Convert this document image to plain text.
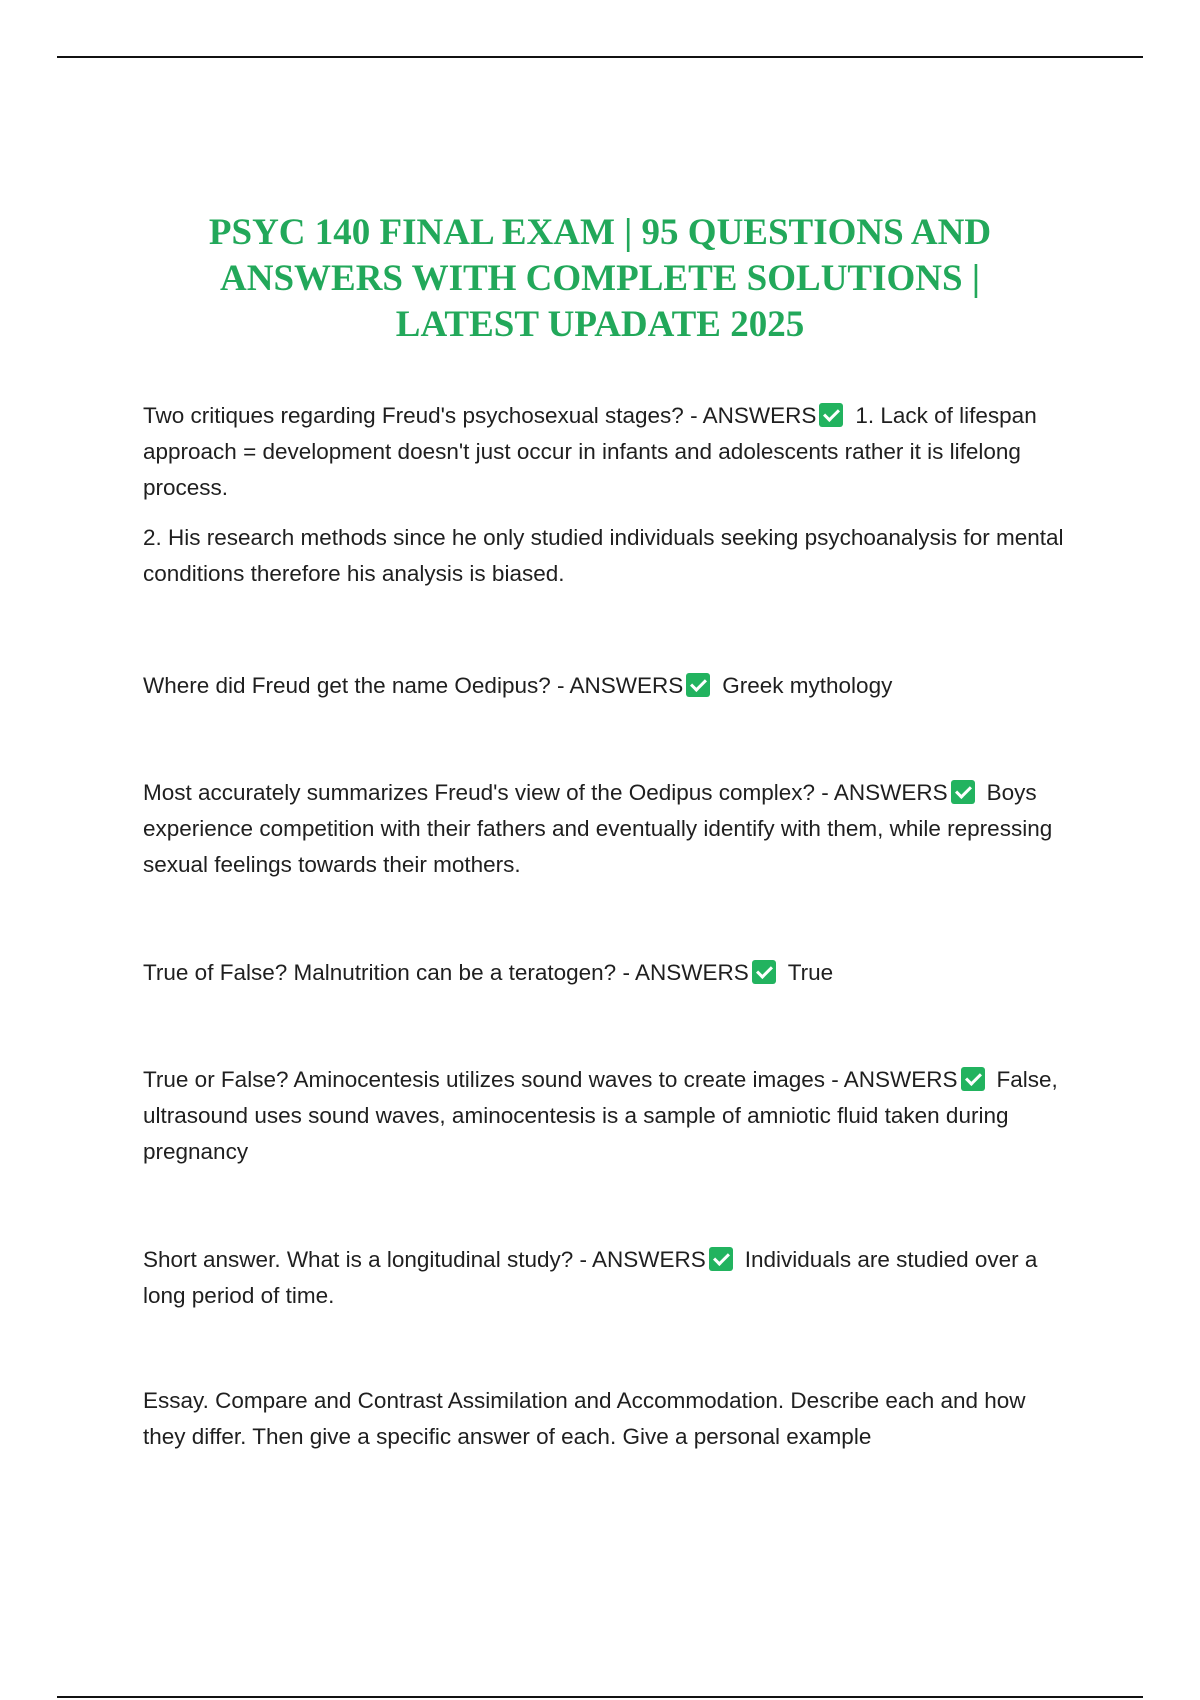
PSYC 140 FINAL EXAM | 95 QUESTIONS AND
ANSWERS WITH COMPLETE SOLUTIONS |
LATEST UPADATE 2025

Two critiques regarding Freud's psychosexual stages? - ANSWERS 1. Lack of lifespan approach = development doesn't just occur in infants and adolescents rather it is lifelong process.

2. His research methods since he only studied individuals seeking psychoanalysis for mental conditions therefore his analysis is biased.

Where did Freud get the name Oedipus? - ANSWERS Greek mythology

Most accurately summarizes Freud's view of the Oedipus complex? - ANSWERS Boys experience competition with their fathers and eventually identify with them, while repressing sexual feelings towards their mothers.

True of False? Malnutrition can be a teratogen? - ANSWERS True

True or False? Aminocentesis utilizes sound waves to create images - ANSWERS False, ultrasound uses sound waves, aminocentesis is a sample of amniotic fluid taken during pregnancy

Short answer. What is a longitudinal study? - ANSWERS Individuals are studied over a long period of time.

Essay. Compare and Contrast Assimilation and Accommodation. Describe each and how they differ. Then give a specific answer of each. Give a personal example
